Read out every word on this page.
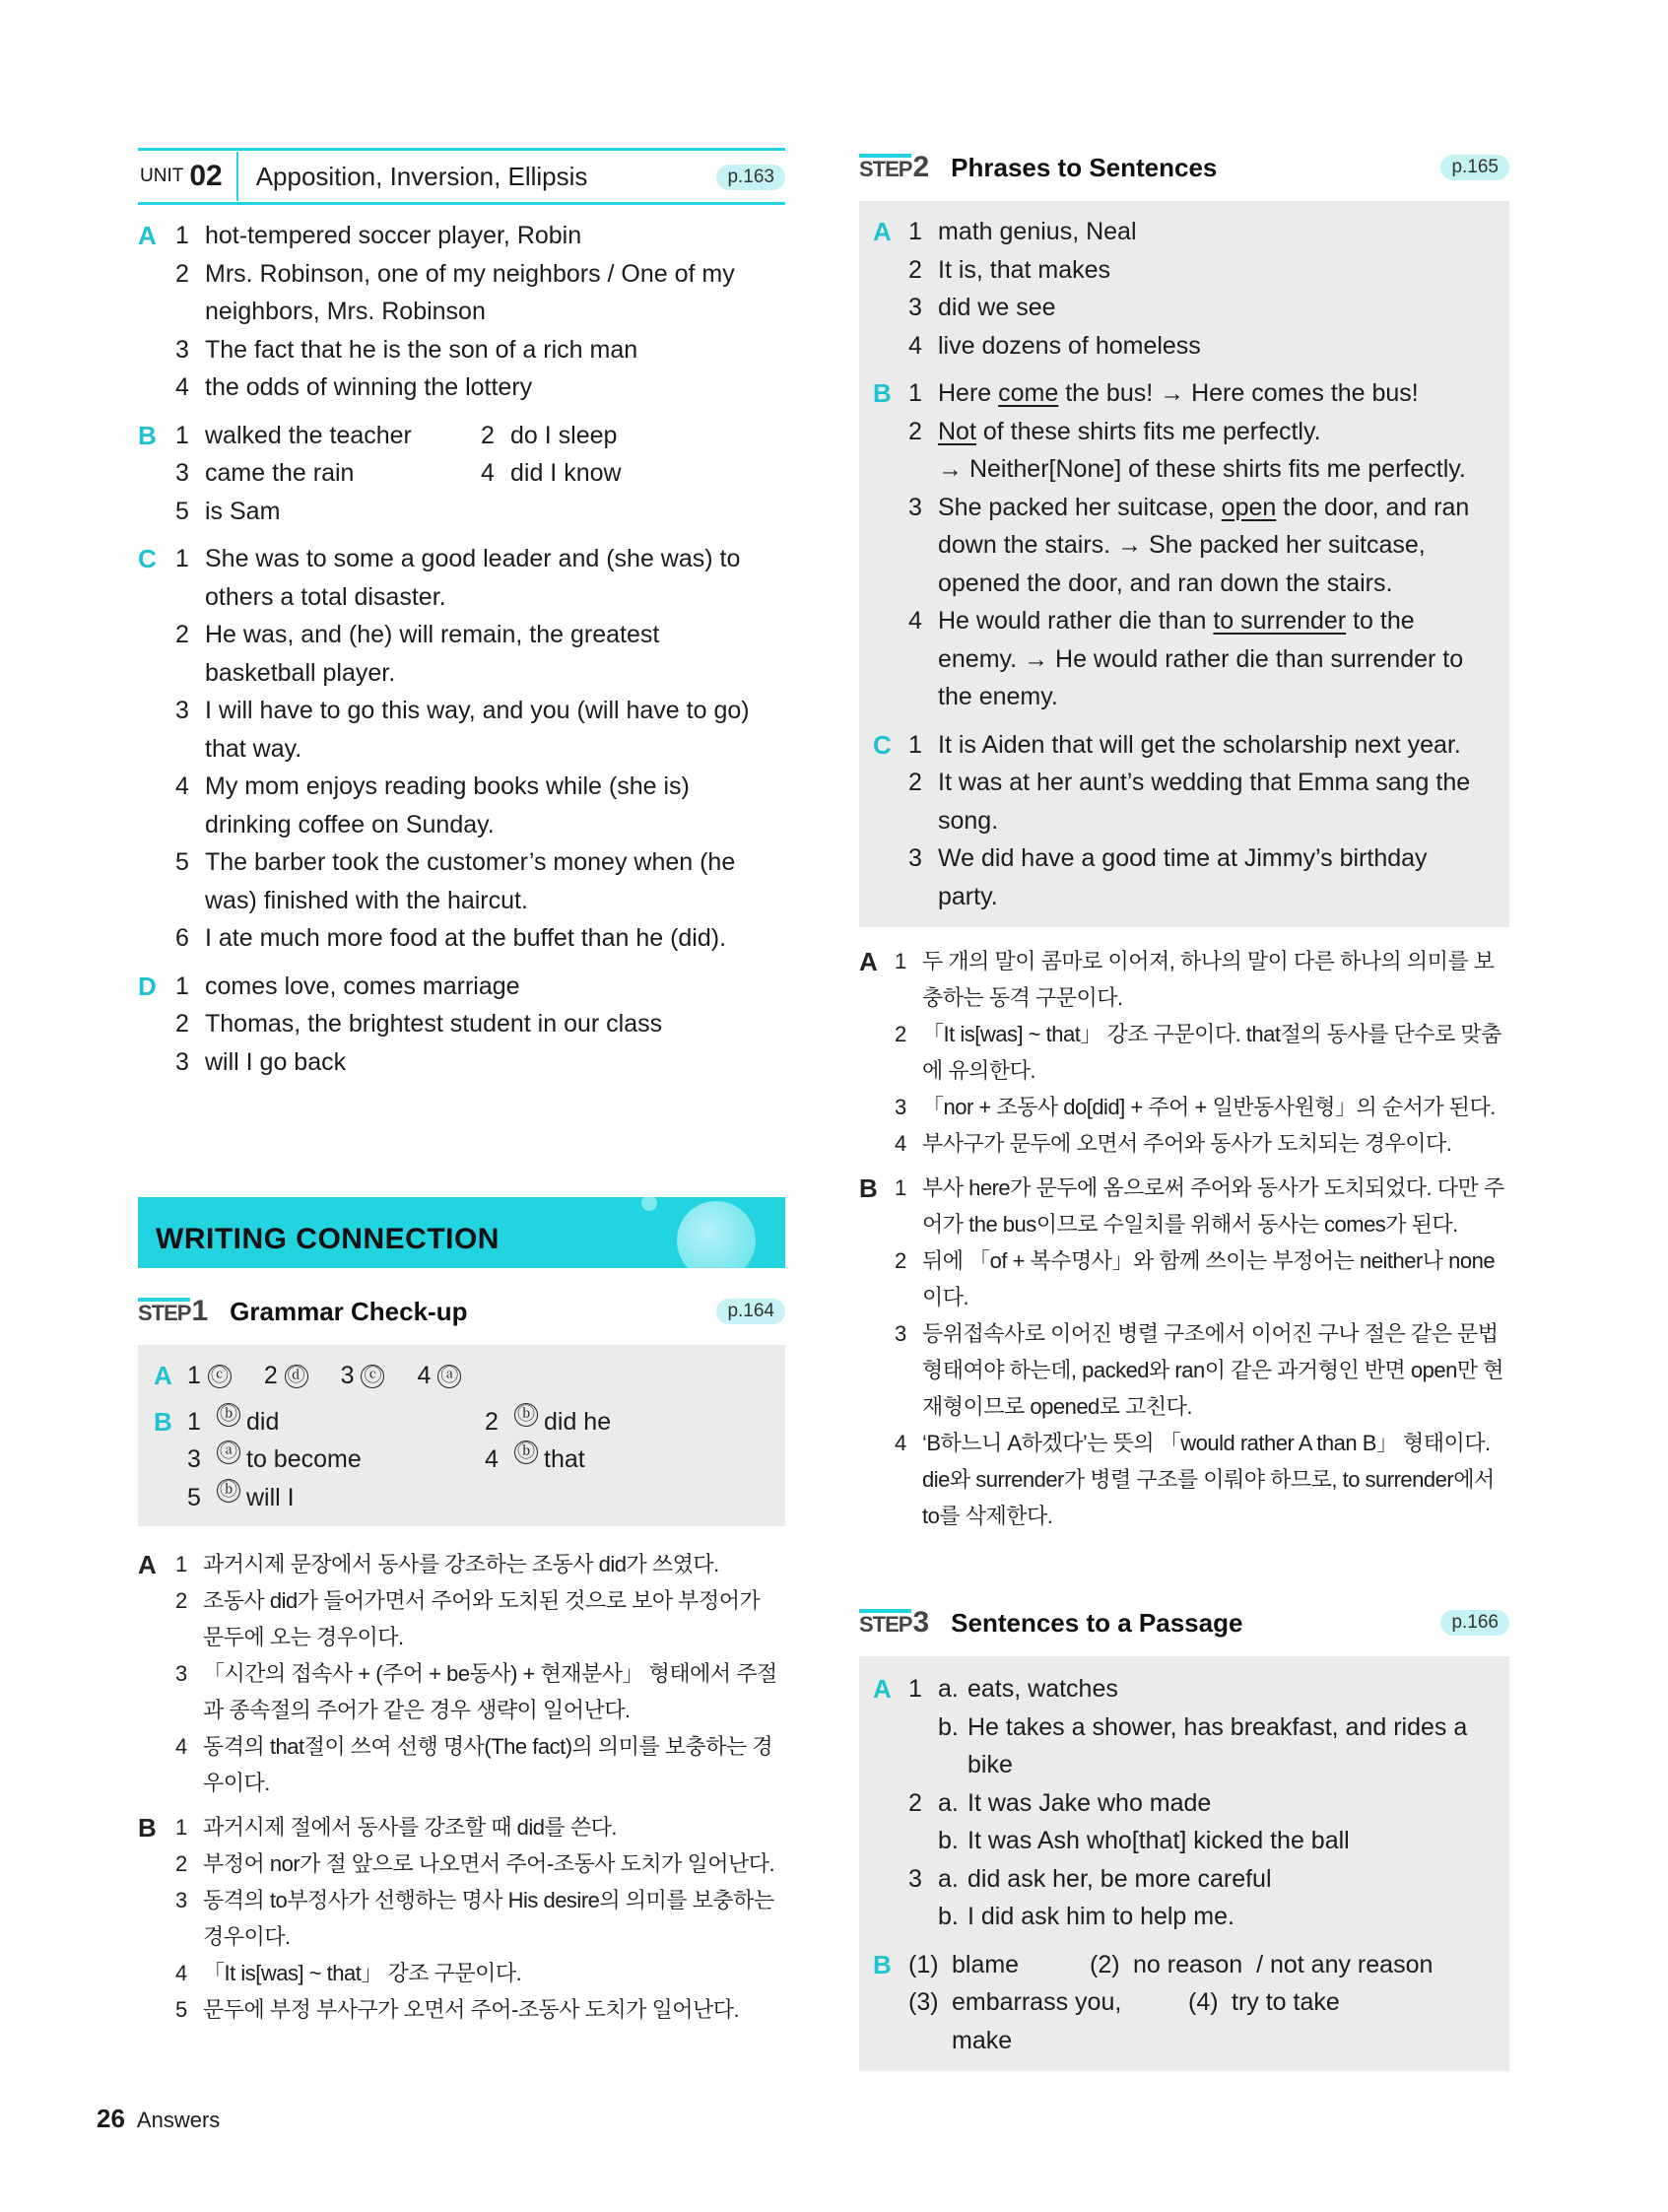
UNIT 02 Apposition, Inversion, Ellipsis	p.163
A 1 hot-tempered soccer player, Robin
2 Mrs. Robinson, one of my neighbors / One of my neighbors, Mrs. Robinson
3 The fact that he is the son of a rich man
4 the odds of winning the lottery
B 1 walked the teacher	2 do I sleep
3 came the rain	4 did I know
5 is Sam
C 1 She was to some a good leader and (she was) to others a total disaster.
2 He was, and (he) will remain, the greatest basketball player.
3 I will have to go this way, and you (will have to go) that way.
4 My mom enjoys reading books while (she is) drinking coffee on Sunday.
5 The barber took the customer’s money when (he was) finished with the haircut.
6 I ate much more food at the buffet than he (did).
D 1 comes love, comes marriage
2 Thomas, the brightest student in our class
3 will I go back
WRITING CONNECTION
STEP 1 Grammar Check-up	p.164
A 1 ⓒ 2 ⓓ 3 ⓒ 4 ⓐ
B 1	ⓑ did	2	ⓑ did he
3	ⓐ to become	4	ⓑ that
5	ⓑ will I
A 1 과거시제 문장에서 동사를 강조하는 조동사 did가 쓰였다.
2 조동사 did가 들어가면서 주어와 도치된 것으로 보아 부정어가 문두에 오는 경우이다.
3 「시간의 접속사 + (주어 + be동사) + 현재분사」 형태에서 주절과 종속절의 주어가 같은 경우 생략이 일어난다.
4 동격의 that절이 쓰여 선행 명사(The fact)의 의미를 보충하는 경우이다.
B 1 과거시제 절에서 동사를 강조할 때 did를 쓴다.
2 부정어 nor가 절 앞으로 나오면서 주어-조동사 도치가 일어난다.
3 동격의 to부정사가 선행하는 명사 His desire의 의미를 보충하는 경우이다.
4 「It is[was] ~ that」 강조 구문이다.
5 문두에 부정 부사구가 오면서 주어-조동사 도치가 일어난다.
STEP 2 Phrases to Sentences	p.165
A 1 math genius, Neal
2 It is, that makes
3 did we see
4 live dozens of homeless
B 1 Here come the bus! → Here comes the bus!
2 Not of these shirts fits me perfectly.
→ Neither[None] of these shirts fits me perfectly.
3 She packed her suitcase, open the door, and ran down the stairs. → She packed her suitcase, opened the door, and ran down the stairs.
4 He would rather die than to surrender to the enemy. → He would rather die than surrender to the enemy.
C 1 It is Aiden that will get the scholarship next year.
2 It was at her aunt’s wedding that Emma sang the song.
3 We did have a good time at Jimmy’s birthday party.
A 1 두 개의 말이 콤마로 이어져, 하나의 말이 다른 하나의 의미를 보충하는 동격 구문이다.
2 「It is[was] ~ that」 강조 구문이다. that절의 동사를 단수로 맞춤에 유의한다.
3 「nor + 조동사 do[did] + 주어 + 일반동사원형」의 순서가 된다.
4 부사구가 문두에 오면서 주어와 동사가 도치되는 경우이다.
B 1 부사 here가 문두에 옴으로써 주어와 동사가 도치되었다. 다만 주어가 the bus이므로 수일치를 위해서 동사는 comes가 된다.
2 뒤에 「of + 복수명사」와 함께 쓰이는 부정어는 neither나 none이다.
3 등위접속사로 이어진 병렬 구조에서 이어진 구나 절은 같은 문법 형태여야 하는데, packed와 ran이 같은 과거형인 반면 open만 현재형이므로 opened로 고친다.
4 ‘B하느니 A하겠다’는 뜻의 「would rather A than B」 형태이다. die와 surrender가 병렬 구조를 이뤄야 하므로, to surrender에서 to를 삭제한다.
STEP 3 Sentences to a Passage	p.166
A 1 a. eats, watches
b. He takes a shower, has breakfast, and rides a bike
2 a. It was Jake who made
b. It was Ash who[that] kicked the ball
3 a. did ask her, be more careful
b. I did ask him to help me.
B (1) blame	(2) no reason  / not any reason
(3) embarrass you, make
(4) try to take
26 Answers
